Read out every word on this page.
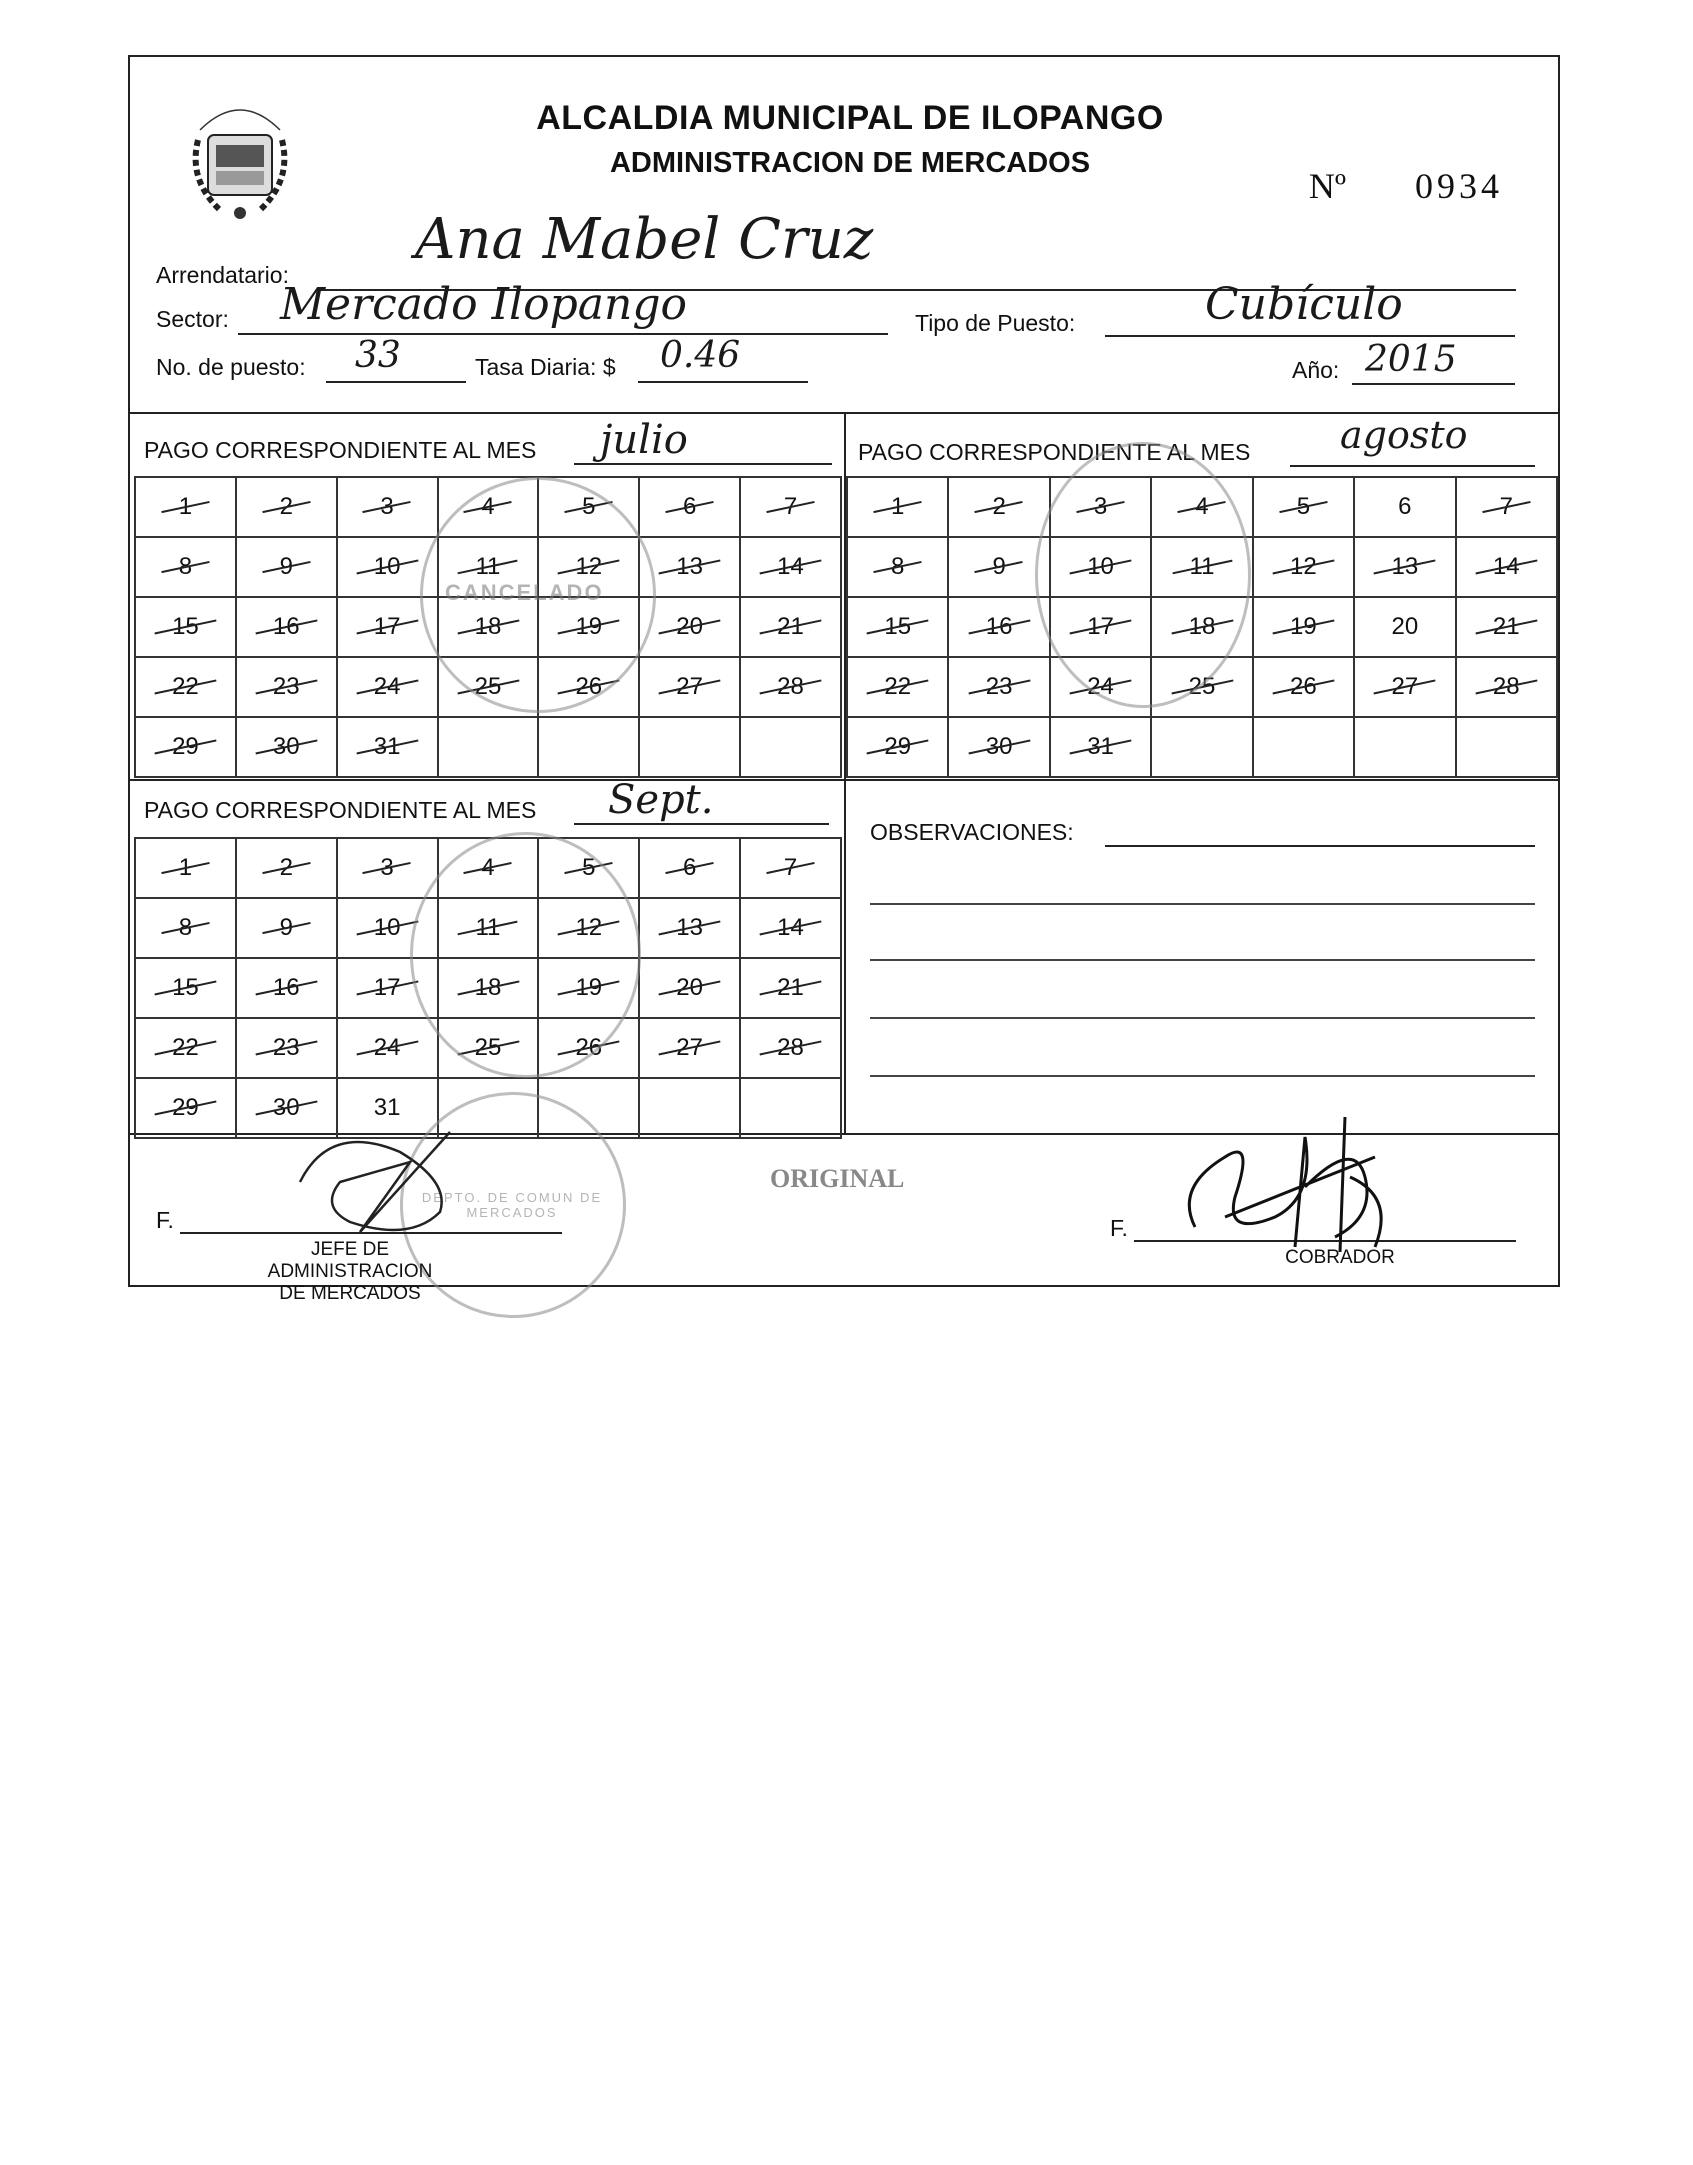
ALCALDIA MUNICIPAL DE ILOPANGO
ADMINISTRACION DE MERCADOS
Nº 0934
Arrendatario:
Ana Mabel Cruz
Sector: Mercado Ilopango	Tipo de Puesto:	Cubículo
No. de puesto: 33	Tasa Diaria: $ 0.46	Año: 2015
PAGO CORRESPONDIENTE AL MES julio
1	2	3	4	5	6	7
8	9	10	11	12	13	14
15	16	17	18	19	20	21
22	23	24	25	26	27	28
29	30	31				
PAGO CORRESPONDIENTE AL MES agosto
1	2	3	4	5	6	7
8	9	10	11	12	13	14
15	16	17	18	19	20	21
22	23	24	25	26	27	28
29	30	31				
PAGO CORRESPONDIENTE AL MES Sept.
1	2	3	4	5	6	7
8	9	10	11	12	13	14
15	16	17	18	19	20	21
22	23	24	25	26	27	28
29	30	31				
OBSERVACIONES:
CANCELADO
DEPTO. DE COMUN DE MERCADOS
ORIGINAL
F.
JEFE DE ADMINISTRACION
DE MERCADOS
F.
COBRADOR
